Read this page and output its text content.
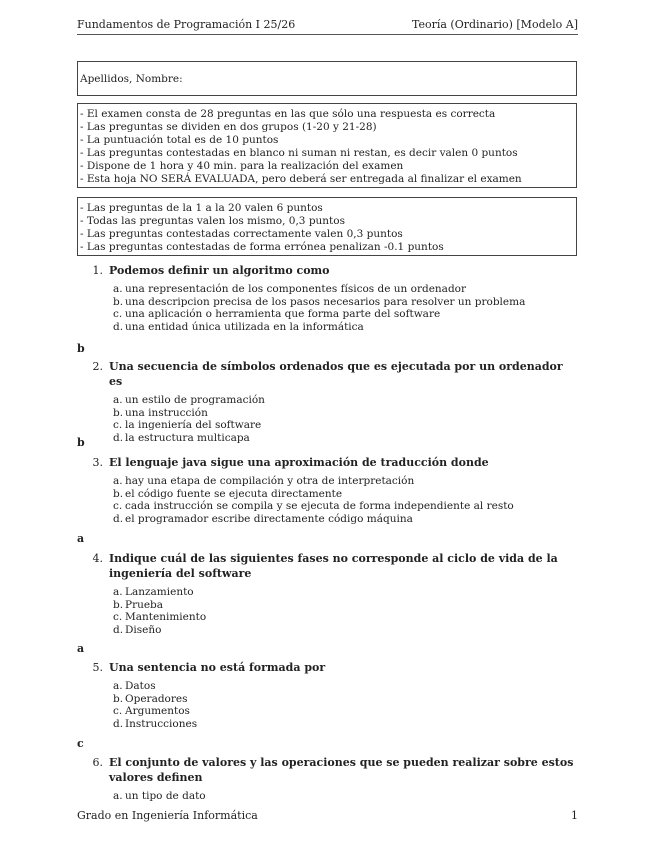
Fundamentos de Programación I 25/26	Teoría (Ordinario) [Modelo A]
Apellidos, Nombre:
- El examen consta de 28 preguntas en las que sólo una respuesta es correcta
- Las preguntas se dividen en dos grupos (1-20 y 21-28)
- La puntuación total es de 10 puntos
- Las preguntas contestadas en blanco ni suman ni restan, es decir valen 0 puntos
- Dispone de 1 hora y 40 min. para la realización del examen
- Esta hoja NO SERÁ EVALUADA, pero deberá ser entregada al finalizar el examen
- Las preguntas de la 1 a la 20 valen 6 puntos
- Todas las preguntas valen los mismo, 0,3 puntos
- Las preguntas contestadas correctamente valen 0,3 puntos
- Las preguntas contestadas de forma errónea penalizan -0.1 puntos
1. Podemos definir un algoritmo como
a. una representación de los componentes físicos de un ordenador
b. una descripcion precisa de los pasos necesarios para resolver un problema
c. una aplicación o herramienta que forma parte del software
d. una entidad única utilizada en la informática
b
2. Una secuencia de símbolos ordenados que es ejecutada por un ordenador es
a. un estilo de programación
b. una instrucción
c. la ingeniería del software
d. la estructura multicapa
b
3. El lenguaje java sigue una aproximación de traducción donde
a. hay una etapa de compilación y otra de interpretación
b. el código fuente se ejecuta directamente
c. cada instrucción se compila y se ejecuta de forma independiente al resto
d. el programador escribe directamente código máquina
a
4. Indique cuál de las siguientes fases no corresponde al ciclo de vida de la ingeniería del software
a. Lanzamiento
b. Prueba
c. Mantenimiento
d. Diseño
a
5. Una sentencia no está formada por
a. Datos
b. Operadores
c. Argumentos
d. Instrucciones
c
6. El conjunto de valores y las operaciones que se pueden realizar sobre estos valores definen
a. un tipo de dato
Grado en Ingeniería Informática	1
